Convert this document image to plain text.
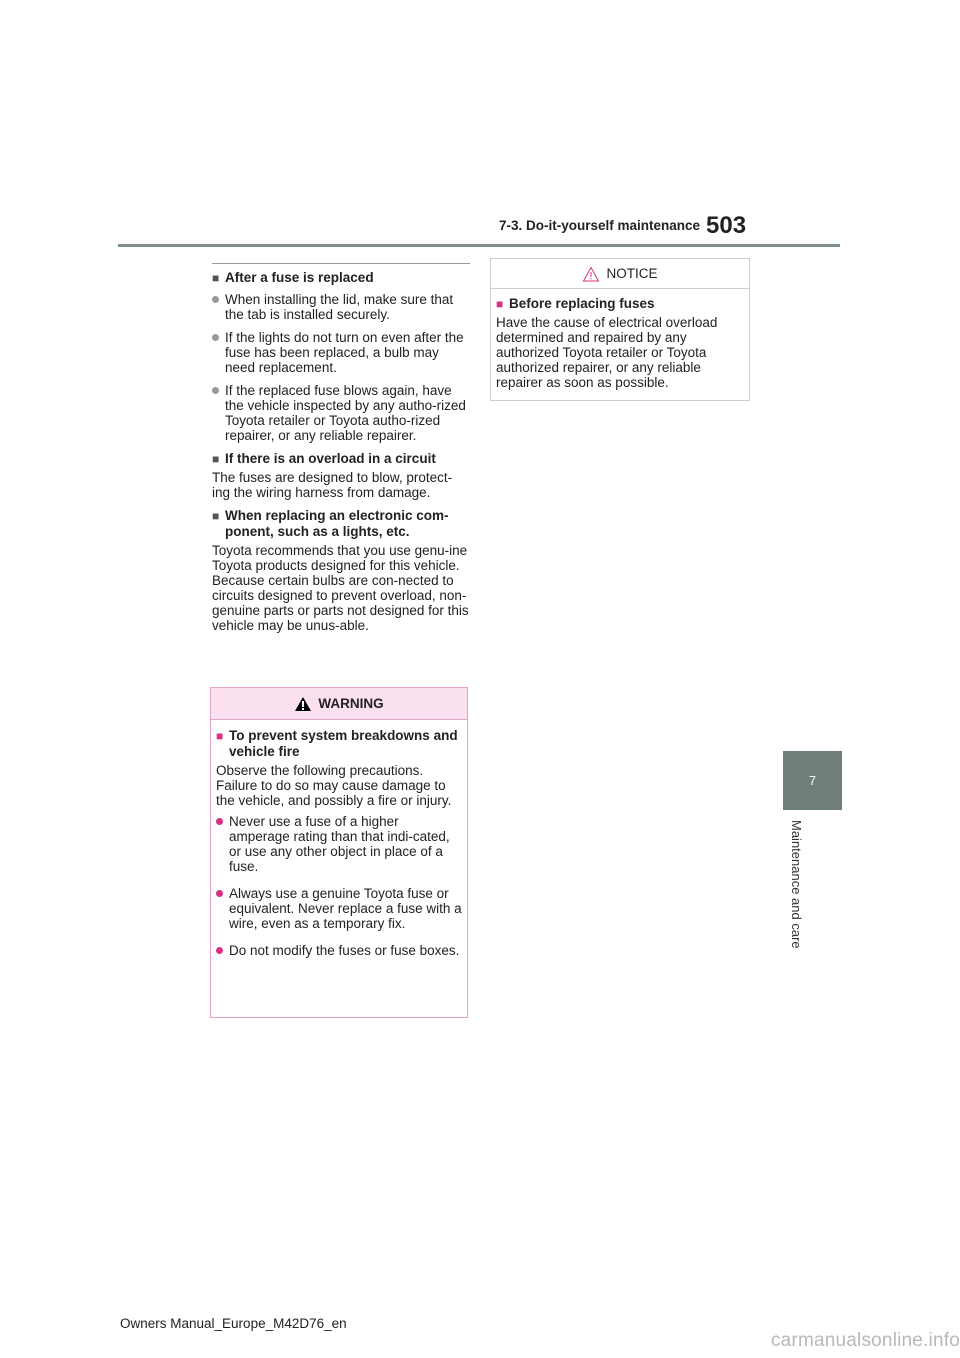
7-3. Do-it-yourself maintenance 503
7
Maintenance and care
■ After a fuse is replaced
When installing the lid, make sure that the tab is installed securely.
If the lights do not turn on even after the fuse has been replaced, a bulb may need replacement.
If the replaced fuse blows again, have the vehicle inspected by any autho-rized Toyota retailer or Toyota autho-rized repairer, or any reliable repairer.
■ If there is an overload in a circuit

The fuses are designed to blow, protect-ing the wiring harness from damage.

■ When replacing an electronic com-ponent, such as a lights, etc.

Toyota recommends that you use genu-ine Toyota products designed for this vehicle. Because certain bulbs are con-nected to circuits designed to prevent overload, non-genuine parts or parts not designed for this vehicle may be unus-able.

WARNING
■ To prevent system breakdowns and vehicle fire

Observe the following precautions. Failure to do so may cause damage to the vehicle, and possibly a fire or injury.

Never use a fuse of a higher amperage rating than that indi-cated, or use any other object in place of a fuse.
Always use a genuine Toyota fuse or equivalent. Never replace a fuse with a wire, even as a temporary fix.
Do not modify the fuses or fuse boxes.
NOTICE
■ Before replacing fuses

Have the cause of electrical overload determined and repaired by any authorized Toyota retailer or Toyota authorized repairer, or any reliable repairer as soon as possible.

Owners Manual_Europe_M42D76_en
carmanualsonline.info
